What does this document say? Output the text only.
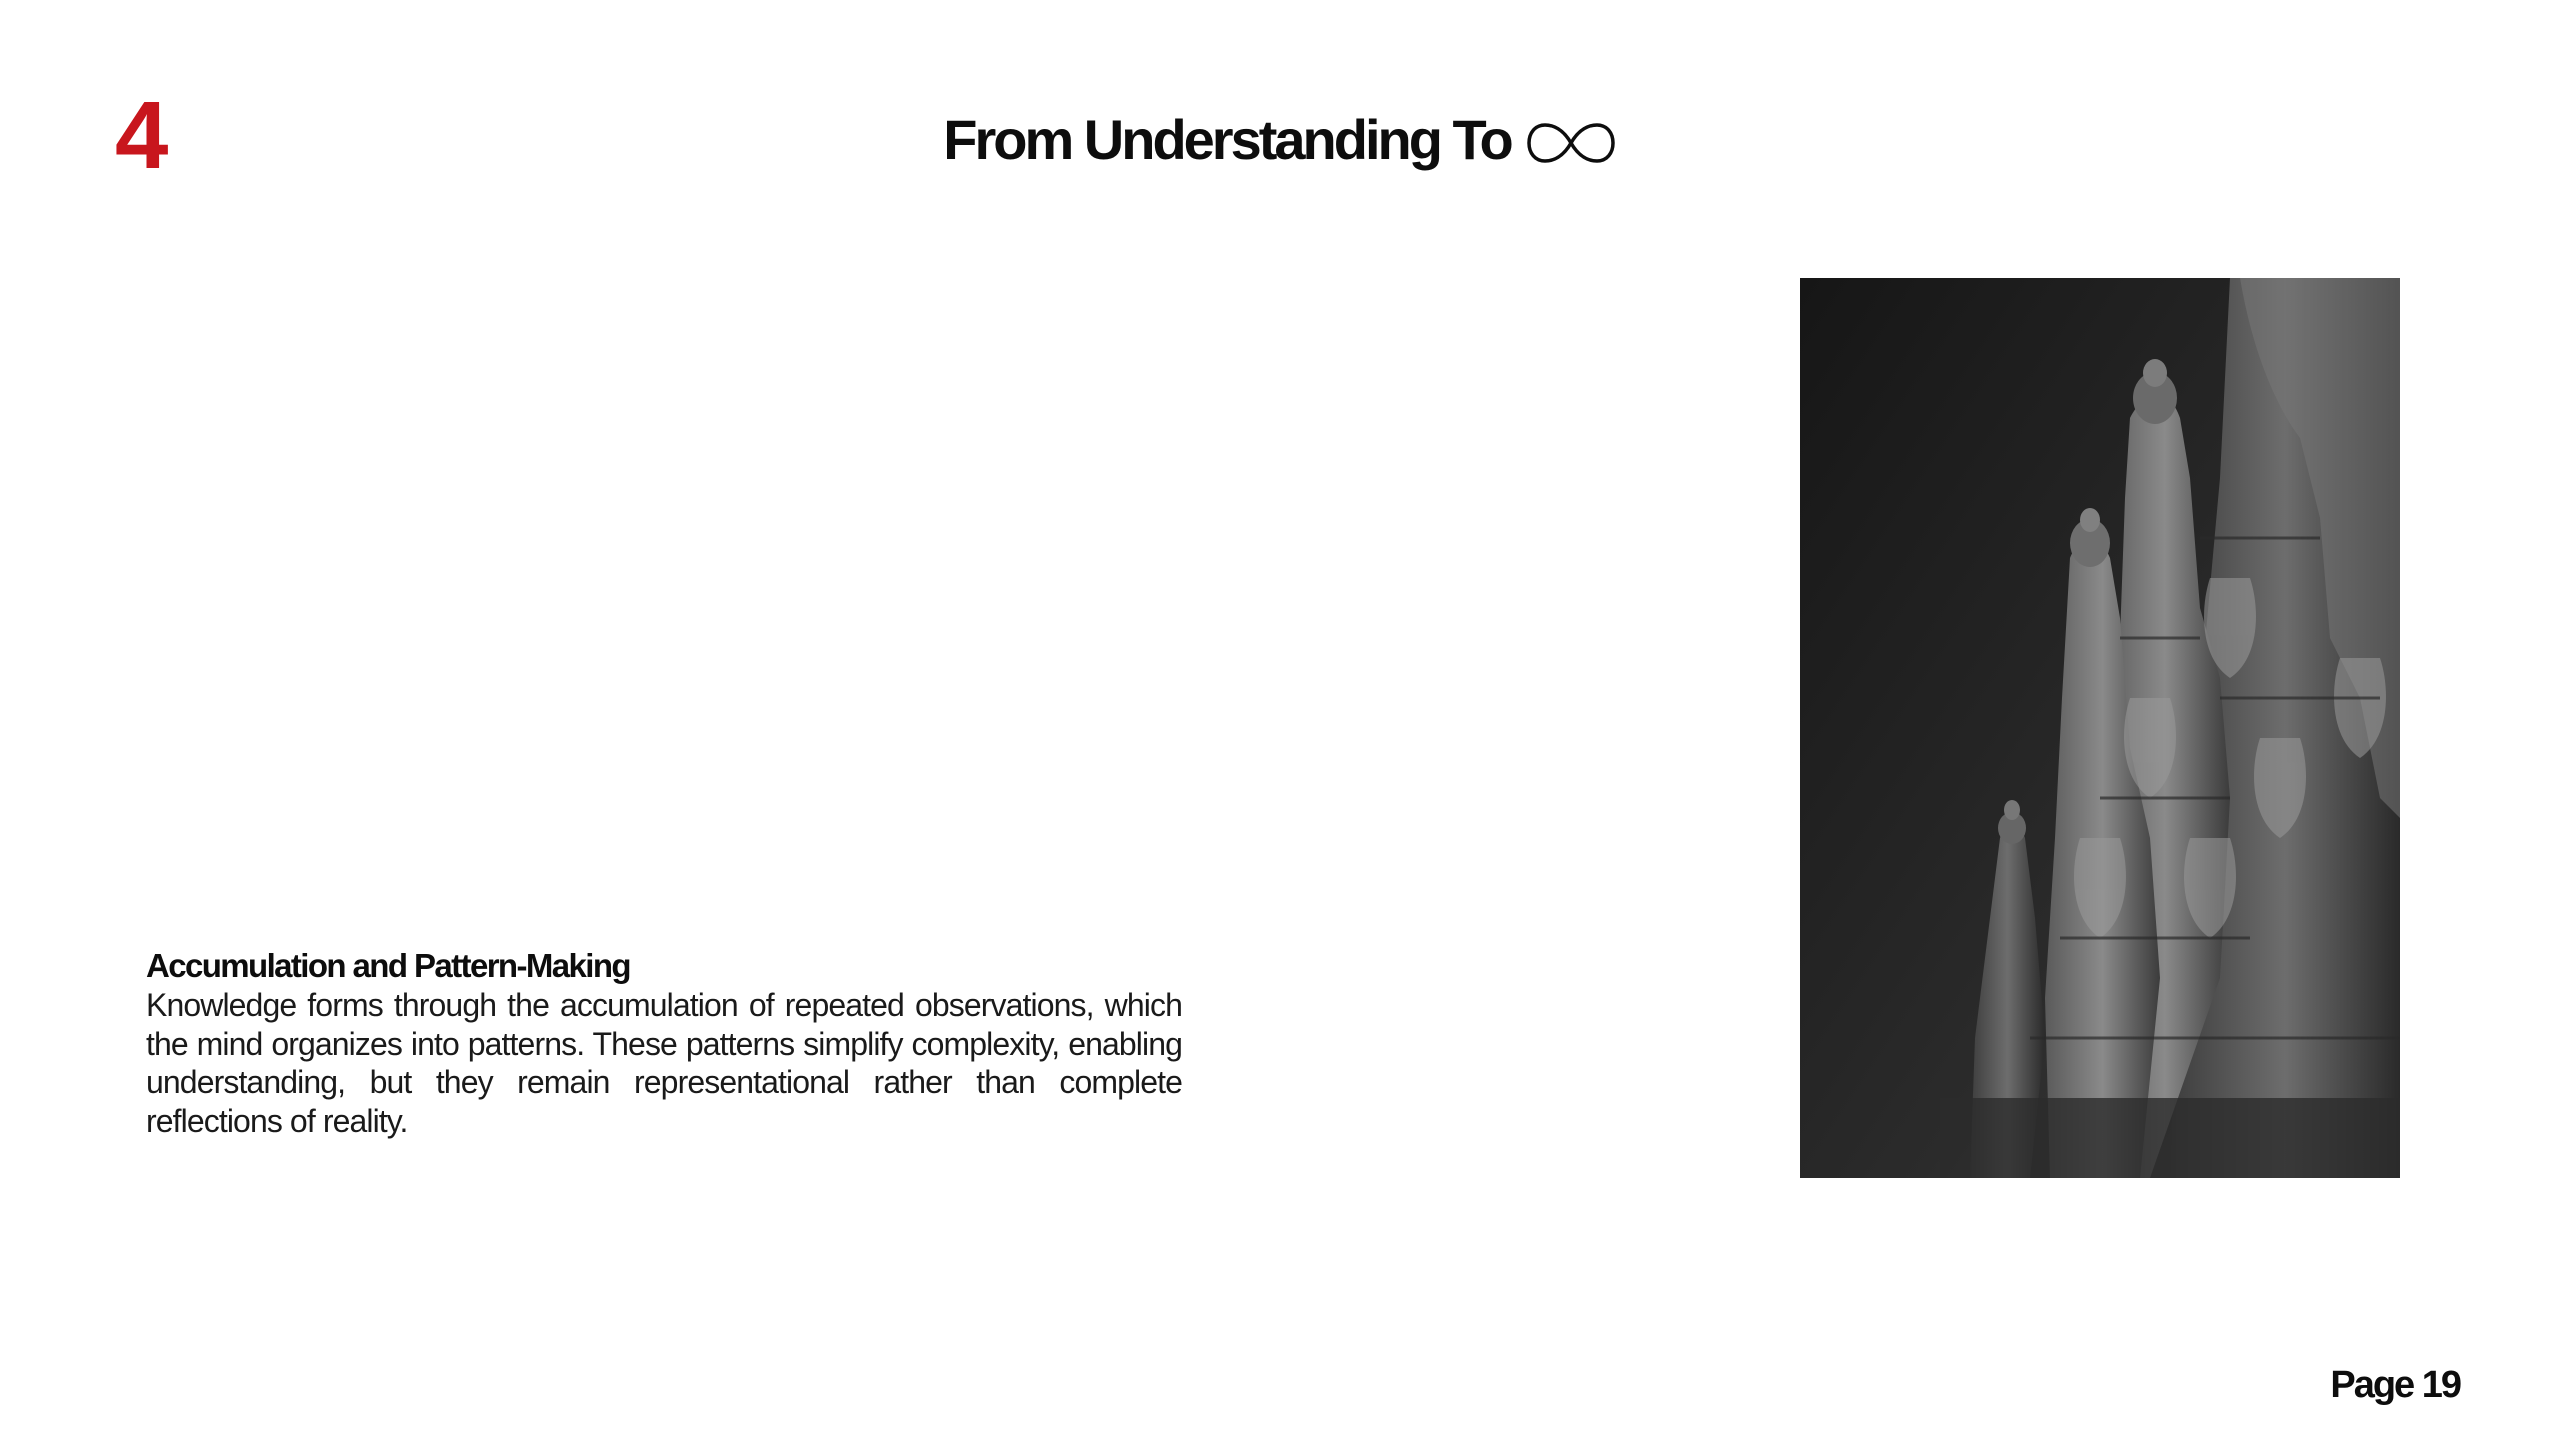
4	From Understanding To

Accumulation and Pattern-Making

Knowledge forms through the accumulation of repeated observations, which the mind organizes into patterns. These patterns simplify complexity, enabling understanding, but they remain representational rather than complete reflections of reality.

Page 19
